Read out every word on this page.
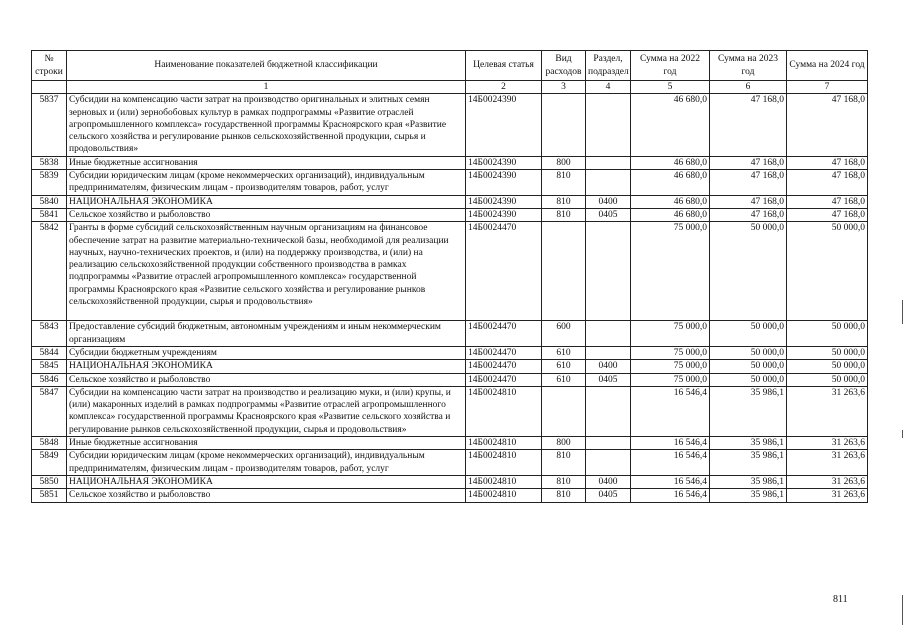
№ строки	Наименование показателей бюджетной классификации	Целевая статья	Вид расходов	Раздел, подраздел	Сумма на 2022 год	Сумма на 2023 год	Сумма на 2024 год
	1	2	3	4	5	6	7
5837	Субсидии на компенсацию части затрат на производство оригинальных и элитных семян зерновых и (или) зернобобовых культур в рамках подпрограммы «Развитие отраслей агропромышленного комплекса» государственной программы Красноярского края «Развитие сельского хозяйства и регулирование рынков сельскохозяйственной продукции, сырья и продовольствия»	14Б0024390			46 680,0	47 168,0	47 168,0
5838	Иные бюджетные ассигнования	14Б0024390	800		46 680,0	47 168,0	47 168,0
5839	Субсидии юридическим лицам (кроме некоммерческих организаций), индивидуальным предпринимателям, физическим лицам - производителям товаров, работ, услуг	14Б0024390	810		46 680,0	47 168,0	47 168,0
5840	НАЦИОНАЛЬНАЯ ЭКОНОМИКА	14Б0024390	810	0400	46 680,0	47 168,0	47 168,0
5841	Сельское хозяйство и рыболовство	14Б0024390	810	0405	46 680,0	47 168,0	47 168,0
5842	Гранты в форме субсидий сельскохозяйственным научным организациям на финансовое обеспечение затрат на развитие материально-технической базы, необходимой для реализации научных, научно-технических проектов, и (или) на поддержку производства, и (или) на реализацию сельскохозяйственной продукции собственного производства в рамках подпрограммы «Развитие отраслей агропромышленного комплекса» государственной программы Красноярского края «Развитие сельского хозяйства и регулирование рынков сельскохозяйственной продукции, сырья и продовольствия»	14Б0024470			75 000,0	50 000,0	50 000,0
5843	Предоставление субсидий бюджетным, автономным учреждениям и иным некоммерческим организациям	14Б0024470	600		75 000,0	50 000,0	50 000,0
5844	Субсидии бюджетным учреждениям	14Б0024470	610		75 000,0	50 000,0	50 000,0
5845	НАЦИОНАЛЬНАЯ ЭКОНОМИКА	14Б0024470	610	0400	75 000,0	50 000,0	50 000,0
5846	Сельское хозяйство и рыболовство	14Б0024470	610	0405	75 000,0	50 000,0	50 000,0
5847	Субсидии на компенсацию части затрат на производство и реализацию муки, и (или) крупы, и (или) макаронных изделий в рамках подпрограммы «Развитие отраслей агропромышленного комплекса» государственной программы Красноярского края «Развитие сельского хозяйства и регулирование рынков сельскохозяйственной продукции, сырья и продовольствия»	14Б0024810			16 546,4	35 986,1	31 263,6
5848	Иные бюджетные ассигнования	14Б0024810	800		16 546,4	35 986,1	31 263,6
5849	Субсидии юридическим лицам (кроме некоммерческих организаций), индивидуальным предпринимателям, физическим лицам - производителям товаров, работ, услуг	14Б0024810	810		16 546,4	35 986,1	31 263,6
5850	НАЦИОНАЛЬНАЯ ЭКОНОМИКА	14Б0024810	810	0400	16 546,4	35 986,1	31 263,6
5851	Сельское хозяйство и рыболовство	14Б0024810	810	0405	16 546,4	35 986,1	31 263,6
811
